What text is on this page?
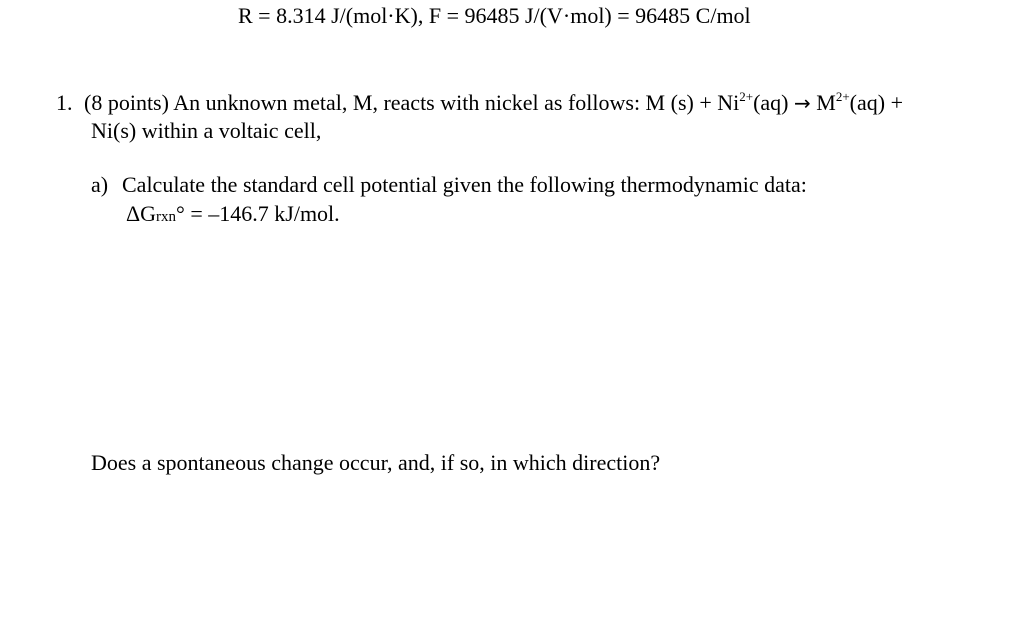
R = 8.314 J/(mol·K), F = 96485 J/(V·mol) = 96485 C/mol
1. (8 points) An unknown metal, M, reacts with nickel as follows: M $(s) + Ni^{2+}(aq) \to M^{2+}(aq)$ +
Ni(s) within a voltaic cell,
a) Calculate the standard cell potential given the following thermodynamic data:
ΔGrxn° = –146.7 kJ/mol.
Does a spontaneous change occur, and, if so, in which direction?
